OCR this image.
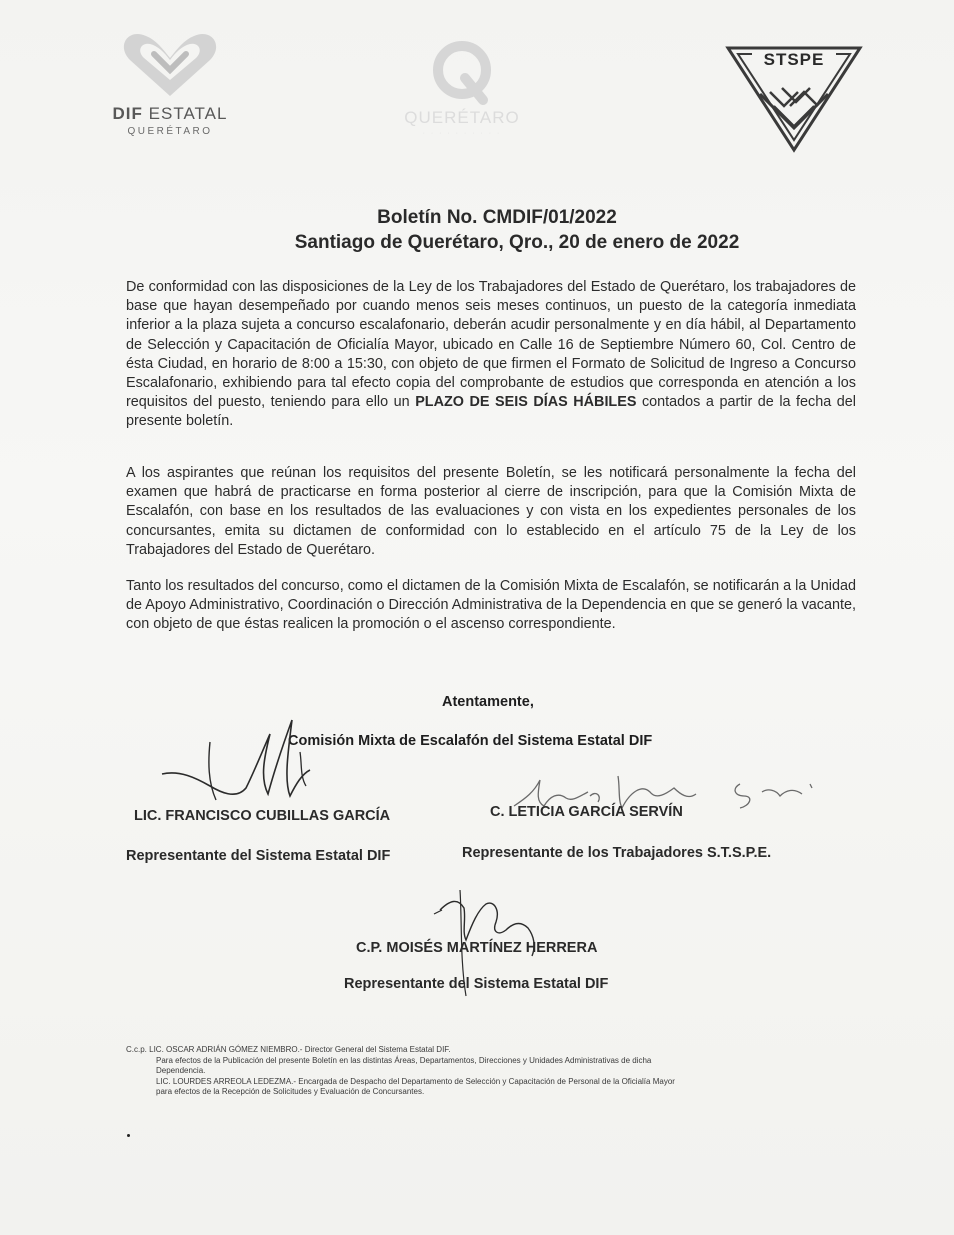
DIF ESTATAL
QUERÉTARO
QUERÉTARO
· · · · · · · · · ·
STSPE
Boletín No. CMDIF/01/2022
Santiago de Querétaro, Qro., 20 de enero de 2022
De conformidad con las disposiciones de la Ley de los Trabajadores del Estado de Querétaro, los trabajadores de base que hayan desempeñado por cuando menos seis meses continuos, un puesto de la categoría inmediata inferior a la plaza sujeta a concurso escalafonario, deberán acudir personalmente y en día hábil, al Departamento de Selección y Capacitación de Oficialía Mayor, ubicado en Calle 16 de Septiembre Número 60, Col. Centro de ésta Ciudad, en horario de 8:00 a 15:30, con objeto de que firmen el Formato de Solicitud de Ingreso a Concurso Escalafonario, exhibiendo para tal efecto copia del comprobante de estudios que corresponda en atención a los requisitos del puesto, teniendo para ello un PLAZO DE SEIS DÍAS HÁBILES contados a partir de la fecha del presente boletín.
A los aspirantes que reúnan los requisitos del presente Boletín, se les notificará personalmente la fecha del examen que habrá de practicarse en forma posterior al cierre de inscripción, para que la Comisión Mixta de Escalafón, con base en los resultados de las evaluaciones y con vista en los expedientes personales de los concursantes, emita su dictamen de conformidad con lo establecido en el artículo 75 de la Ley de los Trabajadores del Estado de Querétaro.
Tanto los resultados del concurso, como el dictamen de la Comisión Mixta de Escalafón, se notificarán a la Unidad de Apoyo Administrativo, Coordinación o Dirección Administrativa de la Dependencia en que se generó la vacante, con objeto de que éstas realicen la promoción o el ascenso correspondiente.
Atentamente,
Comisión Mixta de Escalafón del Sistema Estatal DIF
LIC. FRANCISCO CUBILLAS GARCÍA
Representante del Sistema Estatal DIF
C. LETICIA GARCÍA SERVÍN
Representante de los Trabajadores S.T.S.P.E.
C.P. MOISÉS MARTÍNEZ HERRERA
Representante del Sistema Estatal DIF
C.c.p. LIC. OSCAR ADRIÁN GÓMEZ NIEMBRO.- Director General del Sistema Estatal DIF.
Para efectos de la Publicación del presente Boletín en las distintas Áreas, Departamentos, Direcciones y Unidades Administrativas de dicha Dependencia.
LIC. LOURDES ARREOLA LEDEZMA.- Encargada de Despacho del Departamento de Selección y Capacitación de Personal de la Oficialía Mayor para efectos de la Recepción de Solicitudes y Evaluación de Concursantes.
